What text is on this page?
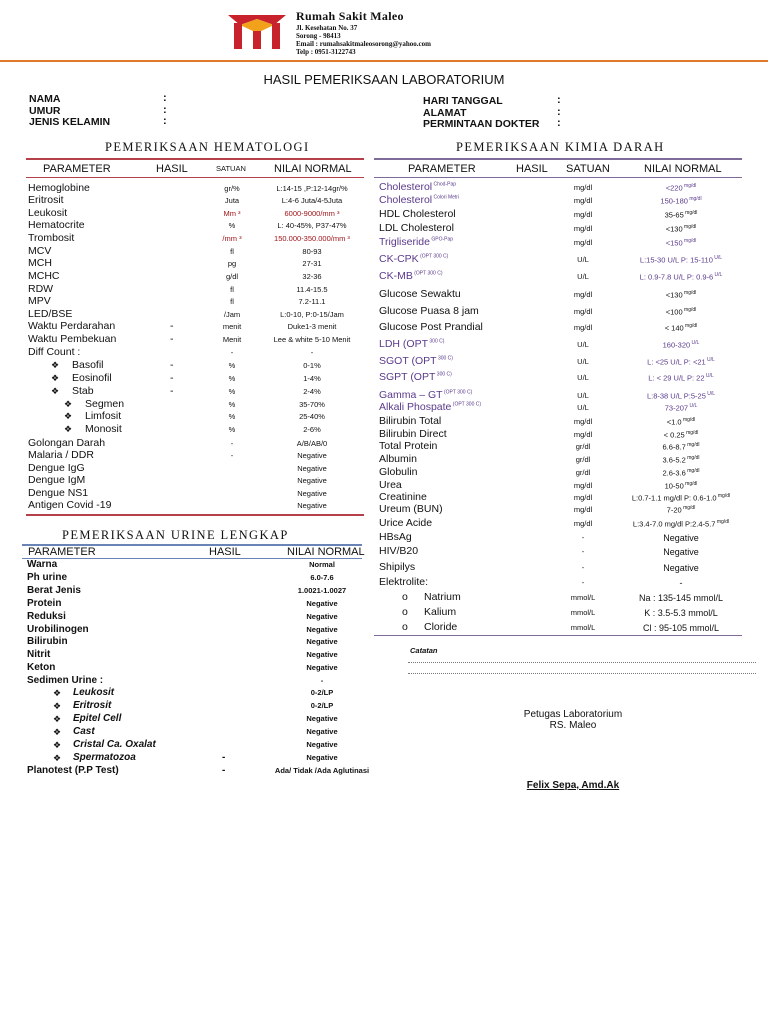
Rumah Sakit Maleo
Jl. Kesehatan No. 37
Sorong - 98413
Email : rumahsakitmaleosorong@yahoo.com
Telp : 0951-3122743
HASIL PEMERIKSAAN LABORATORIUM
NAMA	:
UMUR	:
JENIS KELAMIN	:
HARI TANGGAL	:
ALAMAT	:
PERMINTAAN DOKTER :
PEMERIKSAAN HEMATOLOGI
PARAMETER	HASIL	SATUAN	NILAI NORMAL
Hemoglobine	gr/%	L:14-15 ,P:12-14gr/%
Eritrosit	Juta	L:4-6 Juta/4-5Juta
Leukosit	Mm ³	6000-9000/mm ³
Hematocrite	%	L: 40-45%, P37-47%
Trombosit	/mm ³	150.000-350.000/mm ³
MCV	fl	80-93
MCH	pg	27-31
MCHC	g/dl	32-36
RDW	fl	11.4-15.5
MPV	fl	7.2-11.1
LED/BSE	/Jam	L:0-10, P:0-15/Jam
Waktu Perdarahan	-	menit	Duke1-3 menit
Waktu Pembekuan	-	Menit	Lee & white 5-10 Menit
Diff Count :	-	-
❖ Basofil	-	%	0-1%
❖ Eosinofil	-	%	1-4%
❖ Stab	-	%	2-4%
❖ Segmen	%	35-70%
❖ Limfosit	%	25-40%
❖ Monosit	%	2-6%
Golongan Darah	-	A/B/AB/0
Malaria / DDR	-	Negative
Dengue IgG	Negative
Dengue IgM	Negative
Dengue NS1	Negative
Antigen Covid -19	Negative
PEMERIKSAAN URINE LENGKAP
PARAMETER	HASIL	NILAI NORMAL
Warna	Normal
Ph urine	6.0-7.6
Berat Jenis	1.0021-1.0027
Protein	Negative
Reduksi	Negative
Urobilinogen	Negative
Bilirubin	Negative
Nitrit	Negative
Keton	Negative
Sedimen Urine :	-
❖ Leukosit	0-2/LP
❖ Eritrosit	0-2/LP
❖ Epitel Cell	Negative
❖ Cast	Negative
❖ Cristal Ca. Oxalat	Negative
❖ Spermatozoa	-	Negative
Planotest (P.P Test)	-	Ada/ Tidak /Ada Aglutinasi
PEMERIKSAAN KIMIA DARAH
PARAMETER	HASIL SATUAN	NILAI NORMAL
Cholesterol $^{Chod-Pap}$	mg/dl	<220 $^{mg/dl}$
Cholesterol $^{Colori Metri}$	mg/dl	150-180 $^{mg/dl}$
HDL Cholesterol	mg/dl	35-65 $^{mg/dl}$
LDL Cholesterol	mg/dl	<130 $^{mg/dl}$
Trigliseride $^{GPO-Pap}$	mg/dl	<150 $^{mg/dl}$
CK-CPK $^{(OPT 300 C)}$	U/L	L:15-30 U/L P: 15-110 $^{U/L}$
CK-MB $^{(OPT 300 C)}$	U/L	L: 0.9-7.8 U/L P: 0.9-6 $^{U/L}$
Glucose Sewaktu	mg/dl	<130 $^{mg/dl}$
Glucose Puasa 8 jam	mg/dl	<100 $^{mg/dl}$
Glucose Post Prandial	mg/dl	< 140 $^{mg/dl}$
LDH (OPT $^{300 C)}$	U/L	160-320 $^{U/L}$
SGOT (OPT $^{300 C)}$	U/L	L: <25 U/L P: <21 $^{U/L}$
SGPT (OPT $^{300 C)}$	U/L	L: < 29 U/L P: 22 $^{U/L}$
Gamma – GT $^{(OPT 300 C)}$	U/L	L:8-38 U/L P:5-25 $^{U/L}$
Alkali Phospate $^{(OPT 300 C)}$	U/L	73-207 $^{U/L}$
Bilirubin Total	mg/dl	<1.0 $^{mg/dl}$
Bilirubin Direct	mg/dl	< 0.25 $^{mg/dl}$
Total Protein	gr/dl	6.6-8.7 $^{mg/dl}$
Albumin	gr/dl	3.6-5.2 $^{mg/dl}$
Globulin	gr/dl	2.6-3.6 $^{mg/dl}$
Urea	mg/dl	10-50 $^{mg/dl}$
Creatinine	mg/dl	L:0.7-1.1 mg/dl P: 0.6-1.0 $^{mg/dl}$
Ureum (BUN)	mg/dl	7-20 $^{mg/dl}$
Urice Acide	mg/dl	L:3.4-7.0 mg/dl P:2.4-5.7 $^{mg/dl}$
HBsAg	-	Negative
HIV/B20	-	Negative
Shipilys	-	Negative
Elektrolite:	-	-
o Natrium	mmol/L	Na : 135-145 mmol/L
o Kalium	mmol/L	K : 3.5-5.3 mmol/L
o Cloride	mmol/L	Cl : 95-105 mmol/L
Catatan
Petugas Laboratorium
RS. Maleo
Felix Sepa, Amd.Ak
